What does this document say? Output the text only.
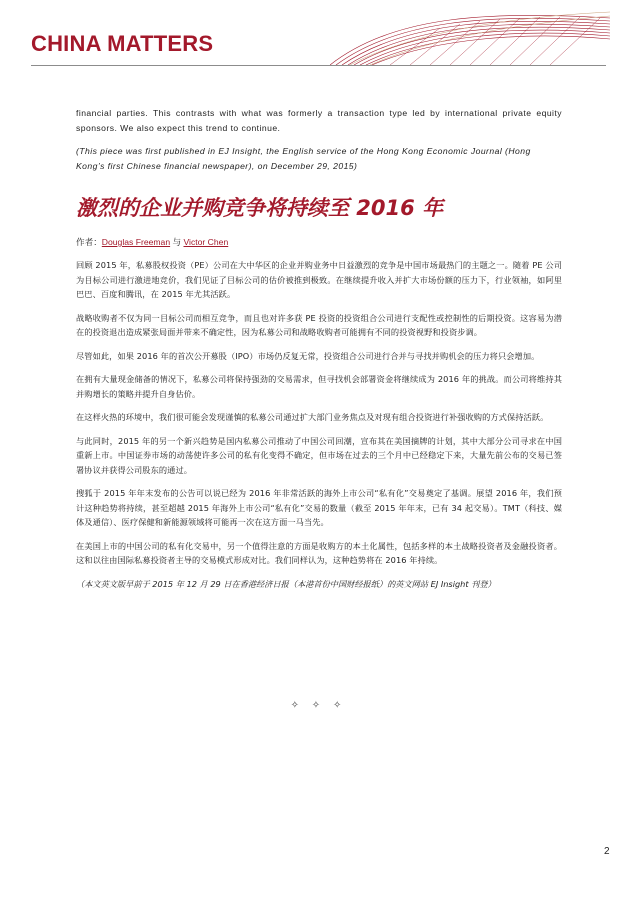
CHINA MATTERS

financial parties. This contrasts with what was formerly a transaction type led by international private equity sponsors. We also expect this trend to continue.

(This piece was first published in EJ Insight, the English service of the Hong Kong Economic Journal (Hong Kong’s first Chinese financial newspaper), on December 29, 2015)

激烈的企业并购竞争将持续至 2016 年

作者：Douglas Freeman 与 Victor Chen

回顾 2015 年，私募股权投资（PE）公司在大中华区的企业并购业务中日益激烈的竞争是中国市场最热门的主题之一。随着 PE 公司为目标公司进行激进地竞价，我们见证了目标公司的估价被推到极致。在继续提升收入并扩大市场份额的压力下，行业领袖，如阿里巴巴、百度和腾讯，在 2015 年尤其活跃。

战略收购者不仅为同一目标公司而相互竞争，而且也对许多获 PE 投资的投资组合公司进行支配性或控制性的后期投资。这容易为潜在的投资退出造成紧张局面并带来不确定性，因为私募公司和战略收购者可能拥有不同的投资视野和投资步调。

尽管如此，如果 2016 年的首次公开募股（IPO）市场仍反复无常，投资组合公司进行合并与寻找并购机会的压力将只会增加。

在拥有大量现金储备的情况下，私募公司将保持强劲的交易需求，但寻找机会部署资金将继续成为 2016 年的挑战。而公司将维持其并购增长的策略并提升自身估价。

在这样火热的环境中，我们很可能会发现谨慎的私募公司通过扩大部门业务焦点及对现有组合投资进行补强收购的方式保持活跃。

与此同时，2015 年的另一个新兴趋势是国内私募公司推动了中国公司回潮，宣布其在美国摘牌的计划，其中大部分公司寻求在中国重新上市。中国证券市场的动荡使许多公司的私有化变得不确定，但市场在过去的三个月中已经稳定下来，大量先前公布的交易已签署协议并获得公司股东的通过。

搜狐于 2015 年年末发布的公告可以说已经为 2016 年非常活跃的海外上市公司“私有化”交易奠定了基调。展望 2016 年，我们预计这种趋势将持续，甚至超越 2015 年海外上市公司“私有化”交易的数量（截至 2015 年年末，已有 34 起交易）。TMT（科技、媒体及通信）、医疗保健和新能源领域将可能再一次在这方面一马当先。

在美国上市的中国公司的私有化交易中，另一个值得注意的方面是收购方的本土化属性，包括多样的本土战略投资者及金融投资者。这和以往由国际私募投资者主导的交易模式形成对比。我们同样认为，这种趋势将在 2016 年持续。

（本文英文版早前于 2015 年 12 月 29 日在香港经济日报（本港首份中国财经报纸）的英文网站 EJ Insight 刊登）

✧ ✧ ✧
2
